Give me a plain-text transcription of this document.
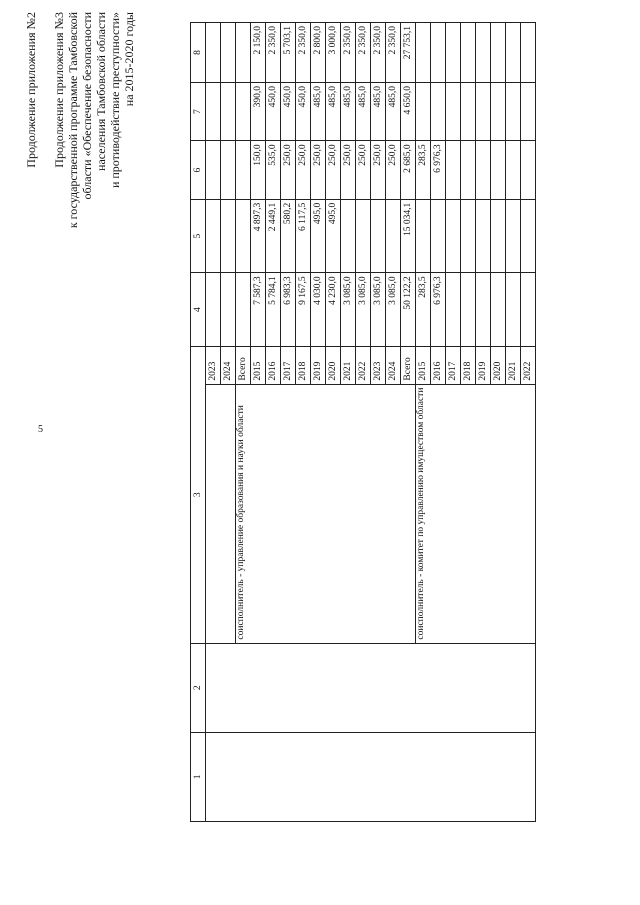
5
Продолжение приложения №2 Продолжение приложения №3 к государственной программе Тамбовской области «Обеспечение безопасности населения Тамбовской области и противодействие преступности» на 2015-2020 годы
1	2	3		4	5	6	7	8
			2023					
			2024					
		соисполнитель - управление образования и науки области	Всего					
			2015	7 587,3	4 897,3	150,0	390,0	2 150,0
			2016	5 784,1	2 449,1	535,0	450,0	2 350,0
			2017	6 983,3	580,2	250,0	450,0	5 703,1
			2018	9 167,5	6 117,5	250,0	450,0	2 350,0
			2019	4 030,0	495,0	250,0	485,0	2 800,0
			2020	4 230,0	495,0	250,0	485,0	3 000,0
			2021	3 085,0		250,0	485,0	2 350,0
			2022	3 085,0		250,0	485,0	2 350,0
			2023	3 085,0		250,0	485,0	2 350,0
			2024	3 085,0		250,0	485,0	2 350,0
			Всего	50 122,2	15 034,1	2 685,0	4 650,0	27 753,1
		соисполнитель - комитет по управлению имуществом области	2015	283,5		283,5		
			2016	6 976,3		6 976,3		
			2017					
			2018					
			2019					
			2020					
			2021					
			2022					
